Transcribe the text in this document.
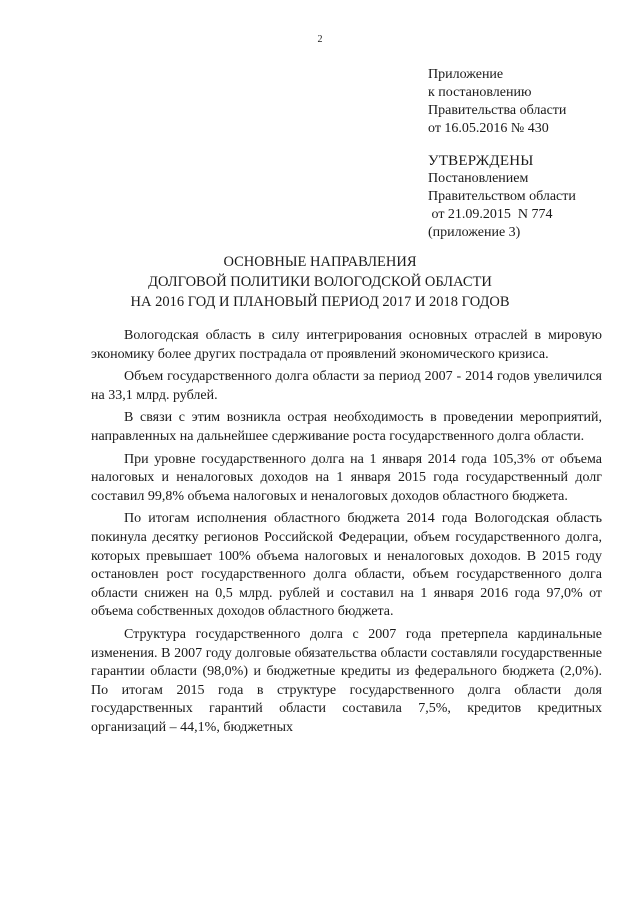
2
Приложение
к постановлению
Правительства области
от 16.05.2016 № 430
УТВЕРЖДЕНЫ
Постановлением
Правительством области
от 21.09.2015  N 774
(приложение 3)
ОСНОВНЫЕ НАПРАВЛЕНИЯ
ДОЛГОВОЙ ПОЛИТИКИ ВОЛОГОДСКОЙ ОБЛАСТИ
НА 2016 ГОД И ПЛАНОВЫЙ ПЕРИОД 2017 И 2018 ГОДОВ

Вологодская область в силу интегрирования основных отраслей в мировую экономику более других пострадала от проявлений экономического кризиса.

Объем государственного долга области за период 2007 - 2014 годов увеличился на 33,1 млрд. рублей.

В связи с этим возникла острая необходимость в проведении мероприятий, направленных на дальнейшее сдерживание роста государственного долга области.

При уровне государственного долга на 1 января 2014 года 105,3% от объема налоговых и неналоговых доходов на 1 января 2015 года государственный долг составил 99,8% объема налоговых и неналоговых доходов областного бюджета.

По итогам исполнения областного бюджета 2014 года Вологодская область покинула десятку регионов Российской Федерации, объем государственного долга, которых превышает 100% объема налоговых и неналоговых доходов. В 2015 году остановлен рост государственного долга области, объем государственного долга области снижен на 0,5 млрд. рублей и составил на 1 января 2016 года 97,0% от объема собственных доходов областного бюджета.

Структура государственного долга с 2007 года претерпела кардинальные изменения. В 2007 году долговые обязательства области составляли государственные гарантии области (98,0%) и бюджетные кредиты из федерального бюджета (2,0%). По итогам 2015 года в структуре государственного долга области доля государственных гарантий области составила 7,5%, кредитов кредитных организаций – 44,1%, бюджетных
